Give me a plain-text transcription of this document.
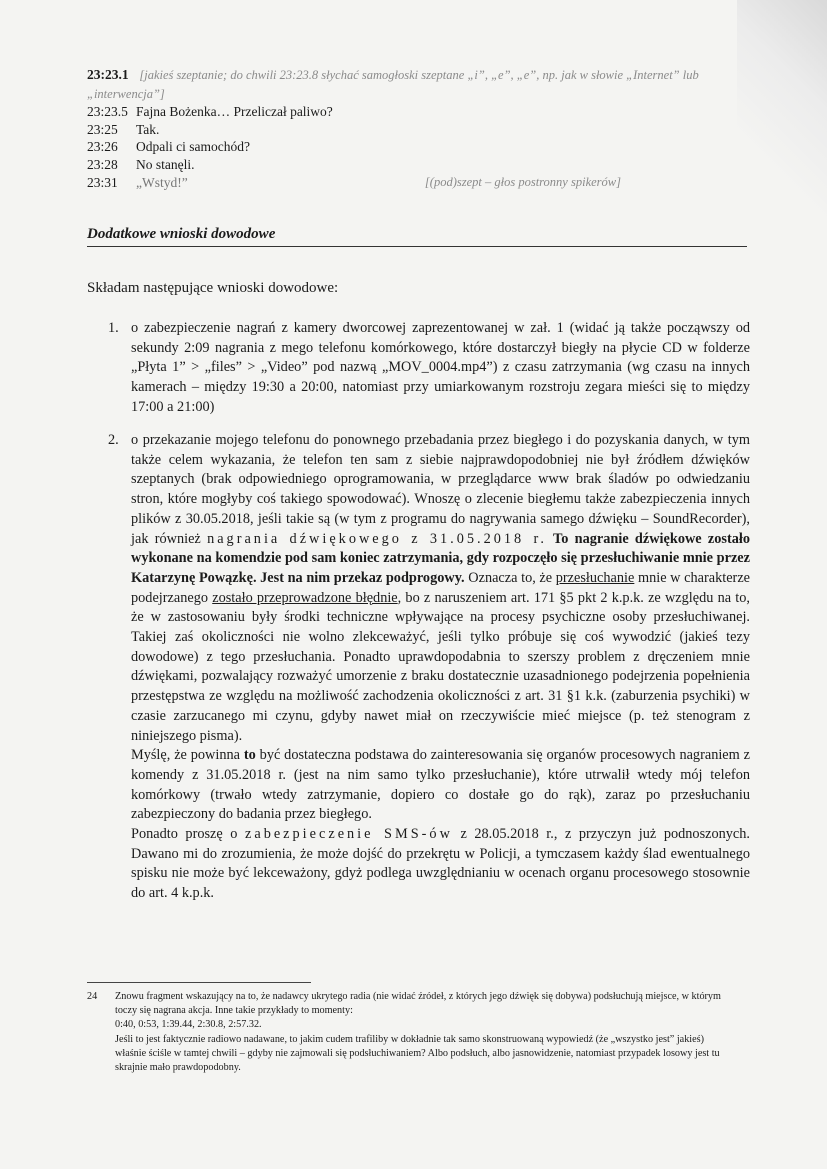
23:23.1 [jakieś szeptanie; do chwili 23:23.8 słychać samogłoski szeptane „i”, „e”, „e”, np. jak w słowie „Internet” lub „interwencja”]
23:23.5 Fajna Bożenka… Przeliczał paliwo?
23:25	Tak.
23:26	Odpali ci samochód?
23:28	No stanęli.
23:31	„Wstyd!”	[(pod)szept – głos postronny spikerów]
Dodatkowe wnioski dowodowe
Składam następujące wnioski dowodowe:
1. o zabezpieczenie nagrań z kamery dworcowej zaprezentowanej w zał. 1 (widać ją także począwszy od sekundy 2:09 nagrania z mego telefonu komórkowego, które dostarczył biegły na płycie CD w folderze „Płyta 1” > „files” > „Video” pod nazwą „MOV_0004.mp4”) z czasu zatrzymania (wg czasu na innych kamerach – między 19:30 a 20:00, natomiast przy umiarkowanym rozstroju zegara mieści się to między 17:00 a 21:00)
2. o przekazanie mojego telefonu do ponownego przebadania przez biegłego i do pozyskania danych, w tym także celem wykazania, że telefon ten sam z siebie najprawdopodobniej nie był źródłem dźwięków szeptanych (brak odpowiedniego oprogramowania, w przeglądarce www brak śladów po odwiedzaniu stron, które mogłyby coś takiego spowodować). Wnoszę o zlecenie biegłemu także zabezpieczenia innych plików z 30.05.2018, jeśli takie są (w tym z programu do nagrywania samego dźwięku – SoundRecorder), jak również nagrania dźwiękowego z 31.05.2018 r. To nagranie dźwiękowe zostało wykonane na komendzie pod sam koniec zatrzymania, gdy rozpoczęło się przesłuchiwanie mnie przez Katarzynę Powązkę. Jest na nim przekaz podprogowy. Oznacza to, że przesłuchanie mnie w charakterze podejrzanego zostało przeprowadzone błędnie, bo z naruszeniem art. 171 §5 pkt 2 k.p.k. ze względu na to, że w zastosowaniu były środki techniczne wpływające na procesy psychiczne osoby przesłuchiwanej. Takiej zaś okoliczności nie wolno zlekceważyć, jeśli tylko próbuje się coś wywodzić (jakieś tezy dowodowe) z tego przesłuchania. Ponadto uprawdopodabnia to szerszy problem z dręczeniem mnie dźwiękami, pozwalający rozważyć umorzenie z braku dostatecznie uzasadnionego podejrzenia popełnienia przestępstwa ze względu na możliwość zachodzenia okoliczności z art. 31 §1 k.k. (zaburzenia psychiki) w czasie zarzucanego mi czynu, gdyby nawet miał on rzeczywiście mieć miejsce (p. też stenogram z niniejszego pisma).
Myślę, że powinna to być dostateczna podstawa do zainteresowania się organów procesowych nagraniem z komendy z 31.05.2018 r. (jest na nim samo tylko przesłuchanie), które utrwalił wtedy mój telefon komórkowy (trwało wtedy zatrzymanie, dopiero co dostałe go do rąk), zaraz po przesłuchaniu zabezpieczony do badania przez biegłego.
Ponadto proszę o zabezpieczenie SMS-ów z 28.05.2018 r., z przyczyn już podnoszonych. Dawano mi do zrozumienia, że może dojść do przekrętu w Policji, a tymczasem każdy ślad ewentualnego spisku nie może być lekceważony, gdyż podlega uwzględnianiu w ocenach organu procesowego stosownie do art. 4 k.p.k.
24	Znowu fragment wskazujący na to, że nadawcy ukrytego radia (nie widać źródeł, z których jego dźwięk się dobywa) podsłuchują miejsce, w którym toczy się nagrana akcja. Inne takie przykłady to momenty:
0:40, 0:53, 1:39.44, 2:30.8, 2:57.32.
Jeśli to jest faktycznie radiowo nadawane, to jakim cudem trafiliby w dokładnie tak samo skonstruowaną wypowiedź (że „wszystko jest” jakieś) właśnie ściśle w tamtej chwili – gdyby nie zajmowali się podsłuchiwaniem? Albo podsłuch, albo jasnowidzenie, natomiast przypadek losowy jest tu skrajnie mało prawdopodobny.
